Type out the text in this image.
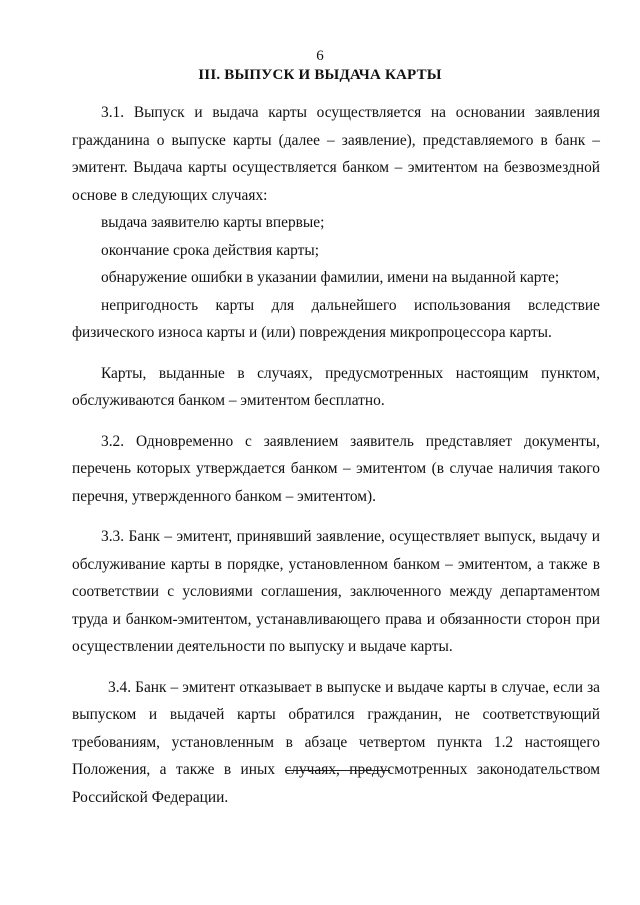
6
III. ВЫПУСК И ВЫДАЧА КАРТЫ

3.1. Выпуск и выдача карты осуществляется на основании заявления гражданина о выпуске карты (далее – заявление), представляемого в банк – эмитент. Выдача карты осуществляется банком – эмитентом на безвозмездной основе в следующих случаях:

выдача заявителю карты впервые;

окончание срока действия карты;

обнаружение ошибки в указании фамилии, имени на выданной карте;

непригодность карты для дальнейшего использования вследствие физического износа карты и (или) повреждения микропроцессора карты.

Карты, выданные в случаях, предусмотренных настоящим пунктом, обслуживаются банком – эмитентом бесплатно.

3.2. Одновременно с заявлением заявитель представляет документы, перечень которых утверждается банком – эмитентом (в случае наличия такого перечня, утвержденного банком – эмитентом).

3.3. Банк – эмитент, принявший заявление, осуществляет выпуск, выдачу и обслуживание карты в порядке, установленном банком – эмитентом, а также в соответствии с условиями соглашения, заключенного между департаментом труда и банком-эмитентом, устанавливающего права и обязанности сторон при осуществлении деятельности по выпуску и выдаче карты.

3.4. Банк – эмитент отказывает в выпуске и выдаче карты в случае, если за выпуском и выдачей карты обратился гражданин, не соответствующий требованиям, установленным в абзаце четвертом пункта 1.2 настоящего Положения, а также в иных случаях, предусмотренных законодательством Российской Федерации.
